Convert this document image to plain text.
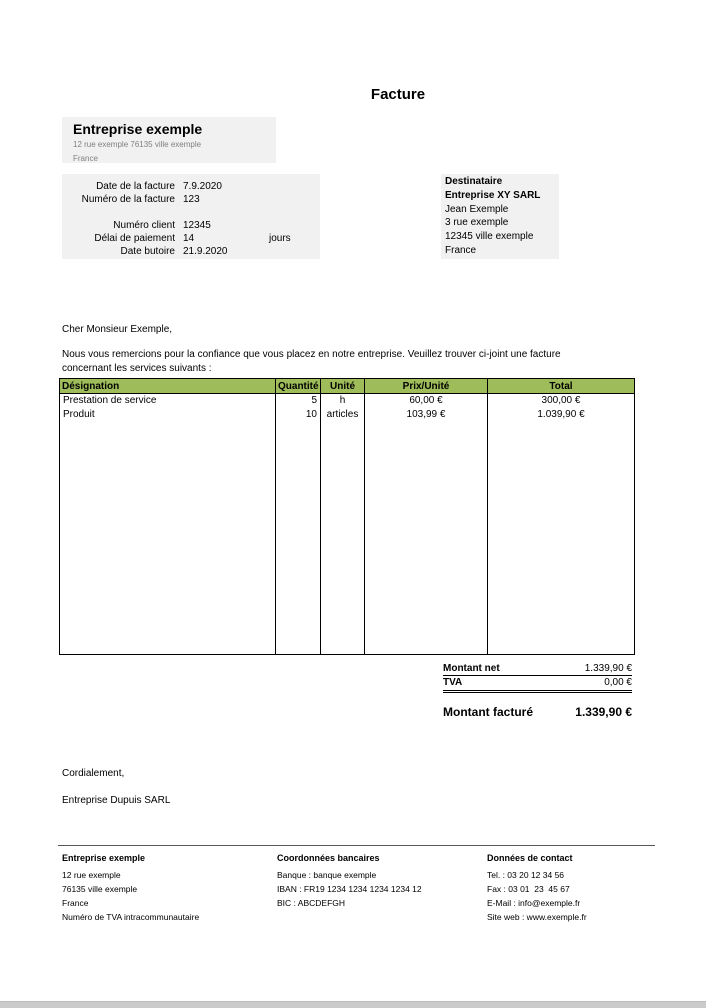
Facture
Entreprise exemple
12 rue exemple 76135 ville exemple
France
Date de la facture 7.9.2020
Numéro de la facture 123
Numéro client 12345
Délai de paiement 14	jours
Date butoire 21.9.2020
Destinataire
Entreprise XY SARL
Jean Exemple
3 rue exemple
12345 ville exemple
France
Cher Monsieur Exemple,
Nous vous remercions pour la confiance que vous placez en notre entreprise. Veuillez trouver ci-joint une facture concernant les services suivants :
Désignation	Quantité	Unité	Prix/Unité	Total
Prestation de service	5	h	60,00 €	300,00 €
Produit	10	articles	103,99 €	1.039,90 €

Montant net	1.339,90 €
TVA	0,00 €
Montant facturé	1.339,90 €
Cordialement,
Entreprise Dupuis SARL
Entreprise exemple
12 rue exemple
76135 ville exemple
France
Numéro de TVA intracommunautaire
Coordonnées bancaires
Banque : banque exemple
IBAN : FR19 1234 1234 1234 1234 12
BIC : ABCDEFGH
Données de contact
Tel. : 03 20 12 34 56
Fax : 03 01  23  45 67
E-Mail : info@exemple.fr
Site web : www.exemple.fr
